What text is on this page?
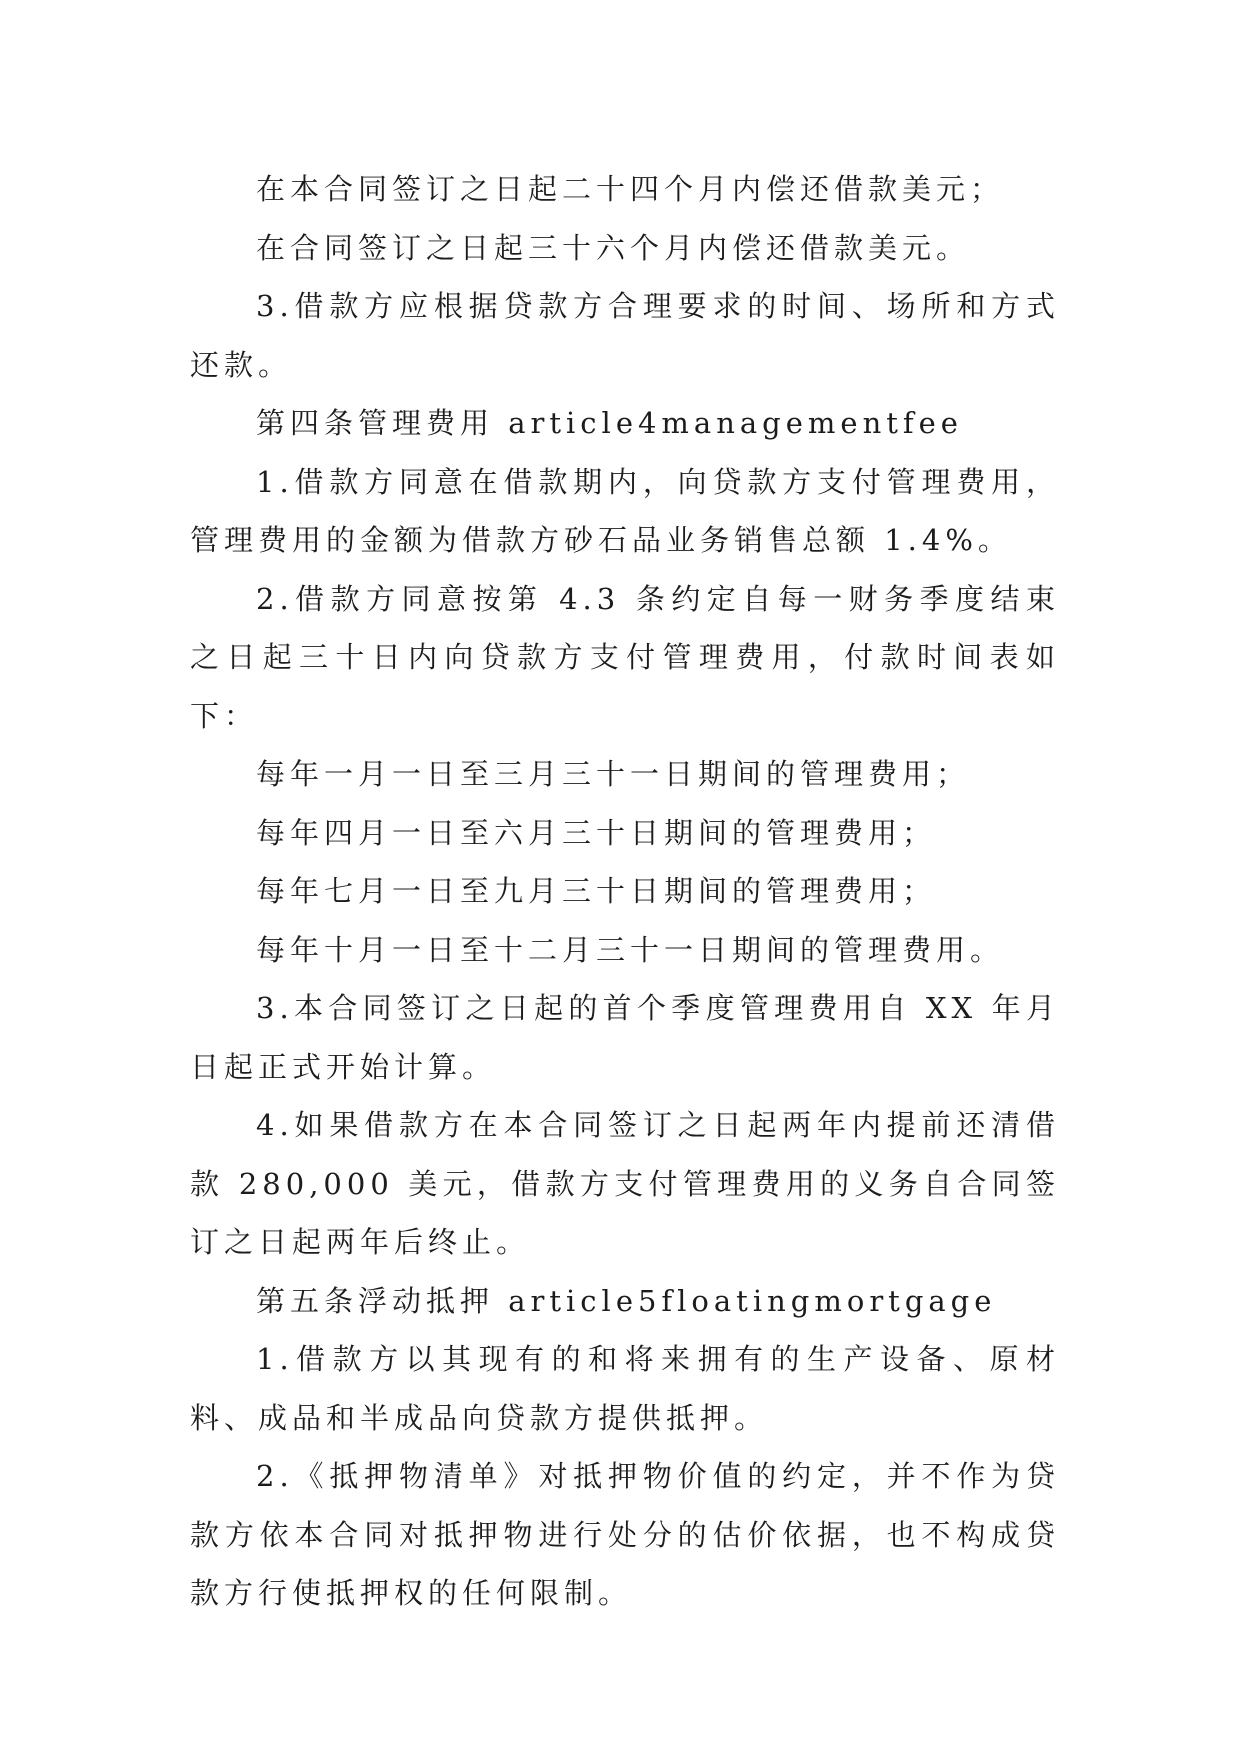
在本合同签订之日起二十四个月内偿还借款美元；

在合同签订之日起三十六个月内偿还借款美元。

3.借款方应根据贷款方合理要求的时间、场所和方式还款。

第四条管理费用 article4managementfee

1.借款方同意在借款期内，向贷款方支付管理费用，管理费用的金额为借款方砂石品业务销售总额 1.4%。

2.借款方同意按第 4.3 条约定自每一财务季度结束之日起三十日内向贷款方支付管理费用，付款时间表如下：

每年一月一日至三月三十一日期间的管理费用；

每年四月一日至六月三十日期间的管理费用；

每年七月一日至九月三十日期间的管理费用；

每年十月一日至十二月三十一日期间的管理费用。

3.本合同签订之日起的首个季度管理费用自 XX 年月日起正式开始计算。

4.如果借款方在本合同签订之日起两年内提前还清借款 280,000 美元，借款方支付管理费用的义务自合同签订之日起两年后终止。

第五条浮动抵押 article5floatingmortgage

1.借款方以其现有的和将来拥有的生产设备、原材料、成品和半成品向贷款方提供抵押。

2.《抵押物清单》对抵押物价值的约定，并不作为贷款方依本合同对抵押物进行处分的估价依据，也不构成贷款方行使抵押权的任何限制。
